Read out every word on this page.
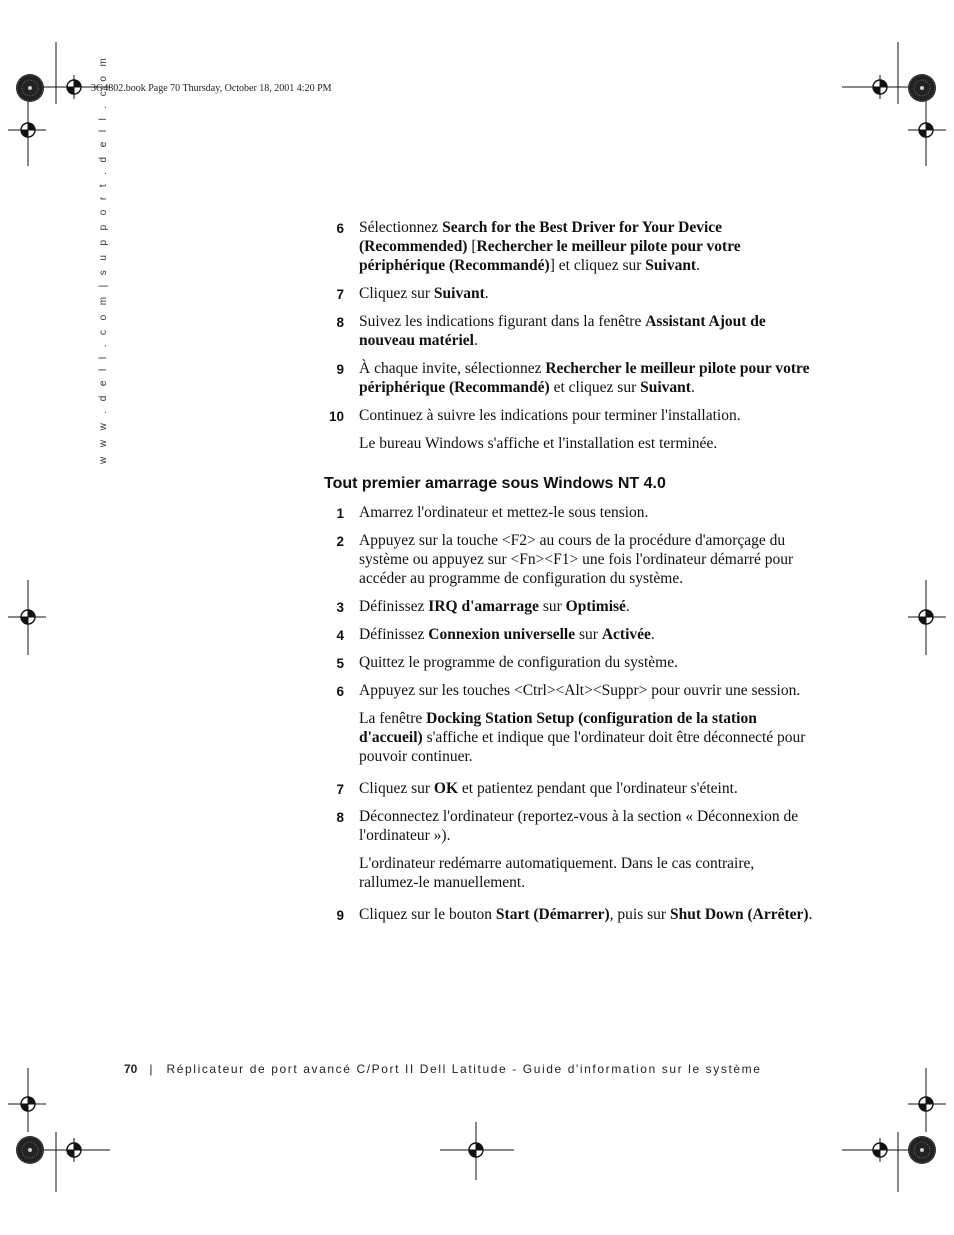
3G4802.book Page 70 Thursday, October 18, 2001 4:20 PM
w w w . d e l l . c o m | s u p p o r t . d e l l . c o m	6 Sélectionnez Search for the Best Driver for Your Device (Recommended) [Rechercher le meilleur pilote pour votre périphérique (Recommandé)] et cliquez sur Suivant.
7 Cliquez sur Suivant.
8 Suivez les indications figurant dans la fenêtre Assistant Ajout de nouveau matériel.
9 À chaque invite, sélectionnez Rechercher le meilleur pilote pour votre périphérique (Recommandé) et cliquez sur Suivant.
10 Continuez à suivre les indications pour terminer l'installation.
Le bureau Windows s'affiche et l'installation est terminée.
Tout premier amarrage sous Windows NT 4.0
1 Amarrez l'ordinateur et mettez-le sous tension.
2 Appuyez sur la touche <F2> au cours de la procédure d'amorçage du système ou appuyez sur <Fn><F1> une fois l'ordinateur démarré pour accéder au programme de configuration du système.
3 Définissez IRQ d'amarrage sur Optimisé.
4 Définissez Connexion universelle sur Activée.
5 Quittez le programme de configuration du système.
6 Appuyez sur les touches <Ctrl><Alt><Suppr> pour ouvrir une session.
La fenêtre Docking Station Setup (configuration de la station d'accueil) s'affiche et indique que l'ordinateur doit être déconnecté pour pouvoir continuer.
7 Cliquez sur OK et patientez pendant que l'ordinateur s'éteint.
8 Déconnectez l'ordinateur (reportez-vous à la section « Déconnexion de l'ordinateur »).
L'ordinateur redémarre automatiquement. Dans le cas contraire, rallumez-le manuellement.
9 Cliquez sur le bouton Start (Démarrer), puis sur Shut Down (Arrêter).
70 | Réplicateur de port avancé C/Port II Dell Latitude - Guide d'information sur le système
